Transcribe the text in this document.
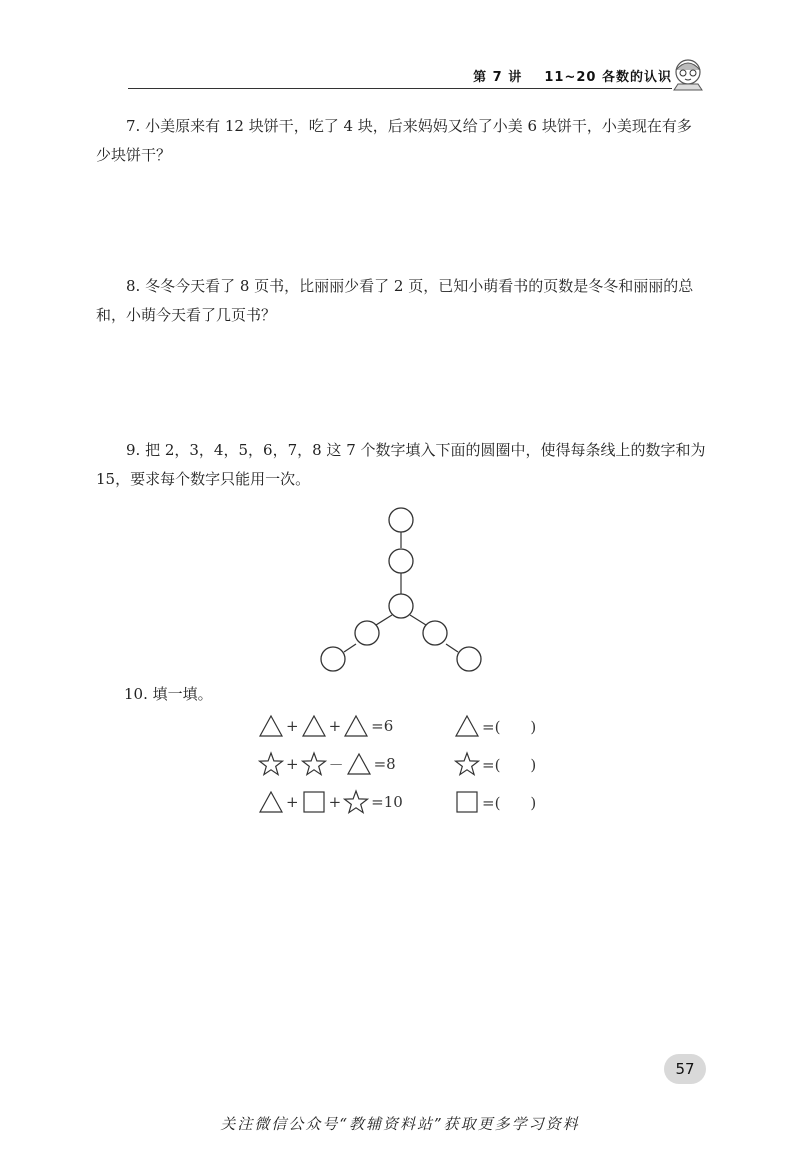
第 7 讲 11~20 各数的认识
7. 小美原来有 12 块饼干，吃了 4 块，后来妈妈又给了小美 6 块饼干，小美现在有多少块饼干？
8. 冬冬今天看了 8 页书，比丽丽少看了 2 页，已知小萌看书的页数是冬冬和丽丽的总和，小萌今天看了几页书？
9. 把 2，3，4，5，6，7，8 这 7 个数字填入下面的圆圈中，使得每条线上的数字和为 15，要求每个数字只能用一次。
10. 填一填。
+ + =6	=(　　)
+ － =8	=(　　)
+ + =10	=(　　)
57
关注微信公众号“教辅资料站”获取更多学习资料
